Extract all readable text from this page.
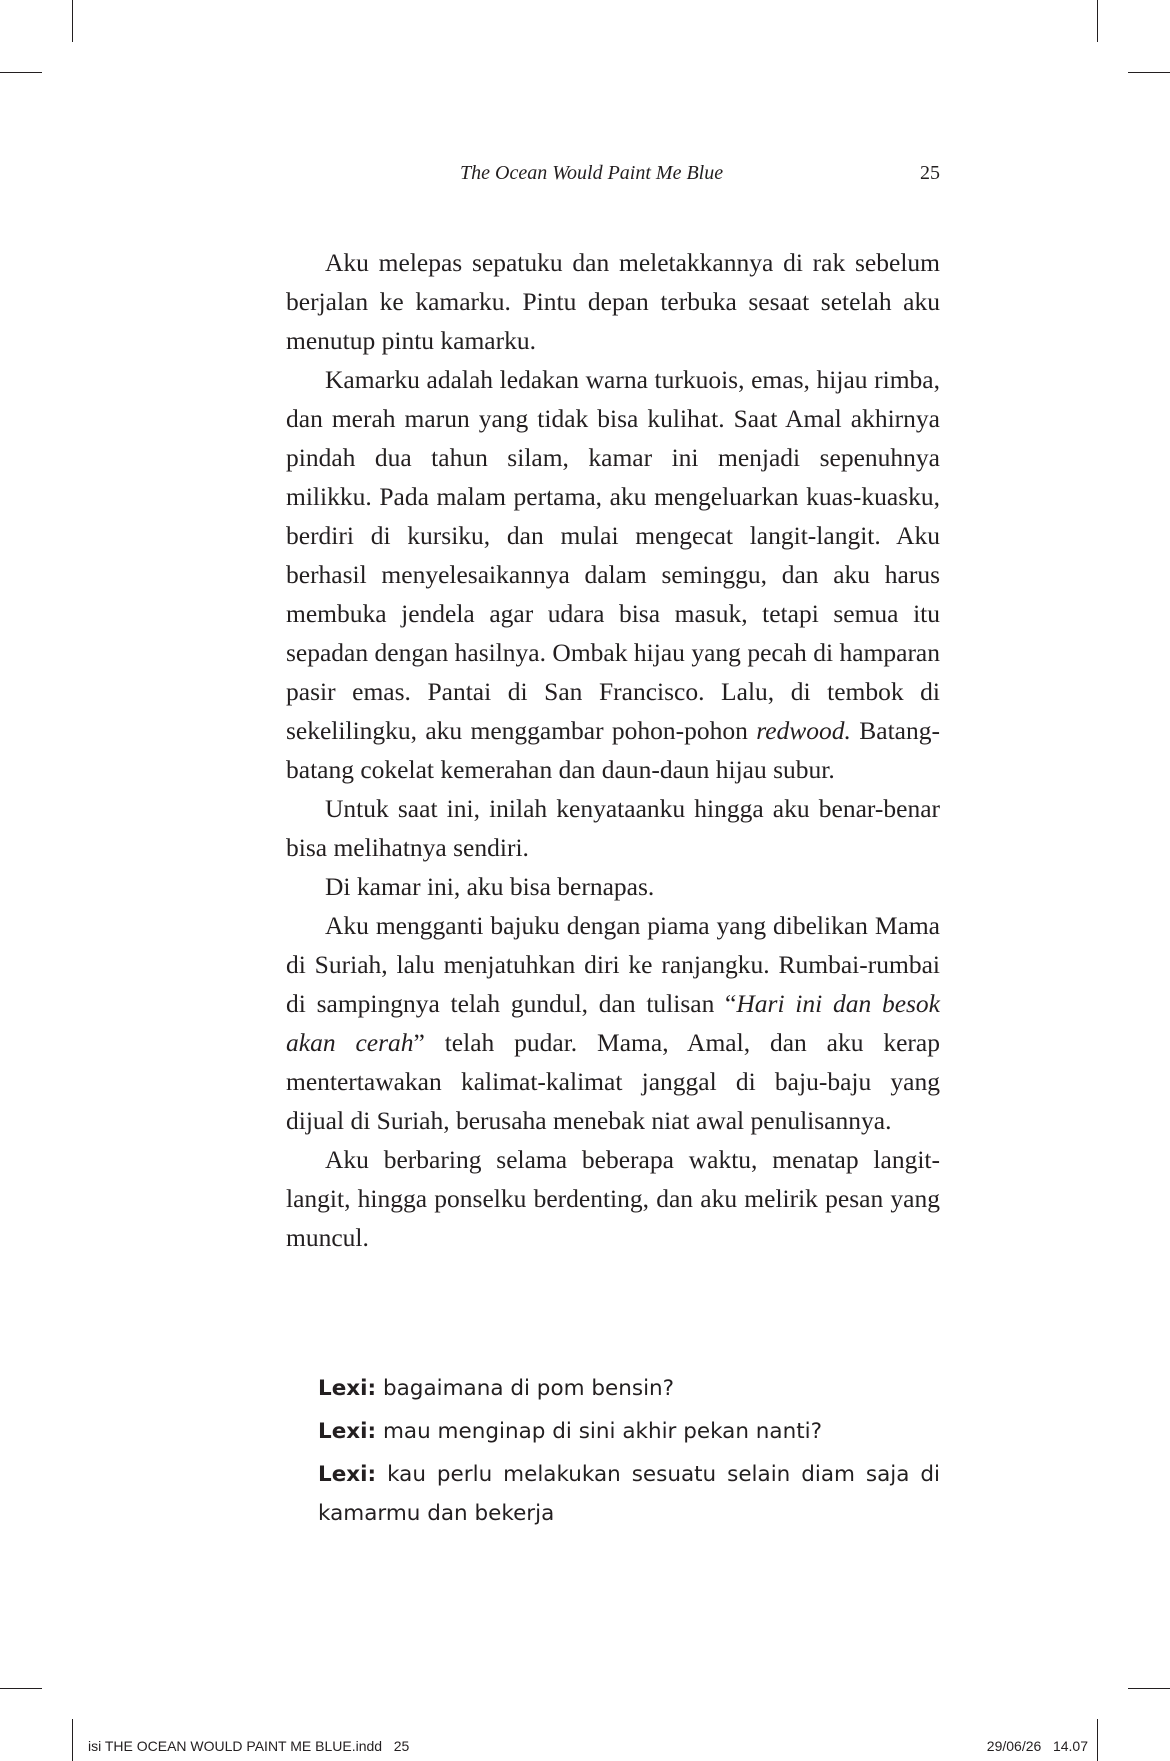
The Ocean Would Paint Me Blue	25

Aku melepas sepatuku dan meletakkannya di rak sebelum berjalan ke kamarku. Pintu depan terbuka sesaat setelah aku menutup pintu kamarku.

Kamarku adalah ledakan warna turkuois, emas, hijau rimba, dan merah marun yang tidak bisa kulihat. Saat Amal akhirnya pindah dua tahun silam, kamar ini menjadi sepenuhnya milikku. Pada malam pertama, aku mengeluarkan kuas-kuasku, berdiri di kursiku, dan mulai mengecat langit-langit. Aku berhasil menyelesaikannya dalam seminggu, dan aku harus membuka jendela agar udara bisa masuk, tetapi semua itu sepadan dengan hasilnya. Ombak hijau yang pecah di hamparan pasir emas. Pantai di San Francisco. Lalu, di tembok di sekelilingku, aku menggambar pohon-pohon redwood. Batang-batang cokelat kemerahan dan daun-daun hijau subur.

Untuk saat ini, inilah kenyataanku hingga aku benar-benar bisa melihatnya sendiri.

Di kamar ini, aku bisa bernapas.

Aku mengganti bajuku dengan piama yang dibelikan Mama di Suriah, lalu menjatuhkan diri ke ranjangku. Rumbai-rumbai di sampingnya telah gundul, dan tulisan “Hari ini dan besok akan cerah” telah pudar. Mama, Amal, dan aku kerap mentertawakan kalimat-kalimat janggal di baju-baju yang dijual di Suriah, berusaha menebak niat awal penulisannya.

Aku berbaring selama beberapa waktu, menatap langit-langit, hingga ponselku berdenting, dan aku melirik pesan yang muncul.

Lexi: bagaimana di pom bensin?

Lexi: mau menginap di sini akhir pekan nanti?

Lexi: kau perlu melakukan sesuatu selain diam saja di kamarmu dan bekerja

isi THE OCEAN WOULD PAINT ME BLUE.indd   25	29/06/26   14.07
